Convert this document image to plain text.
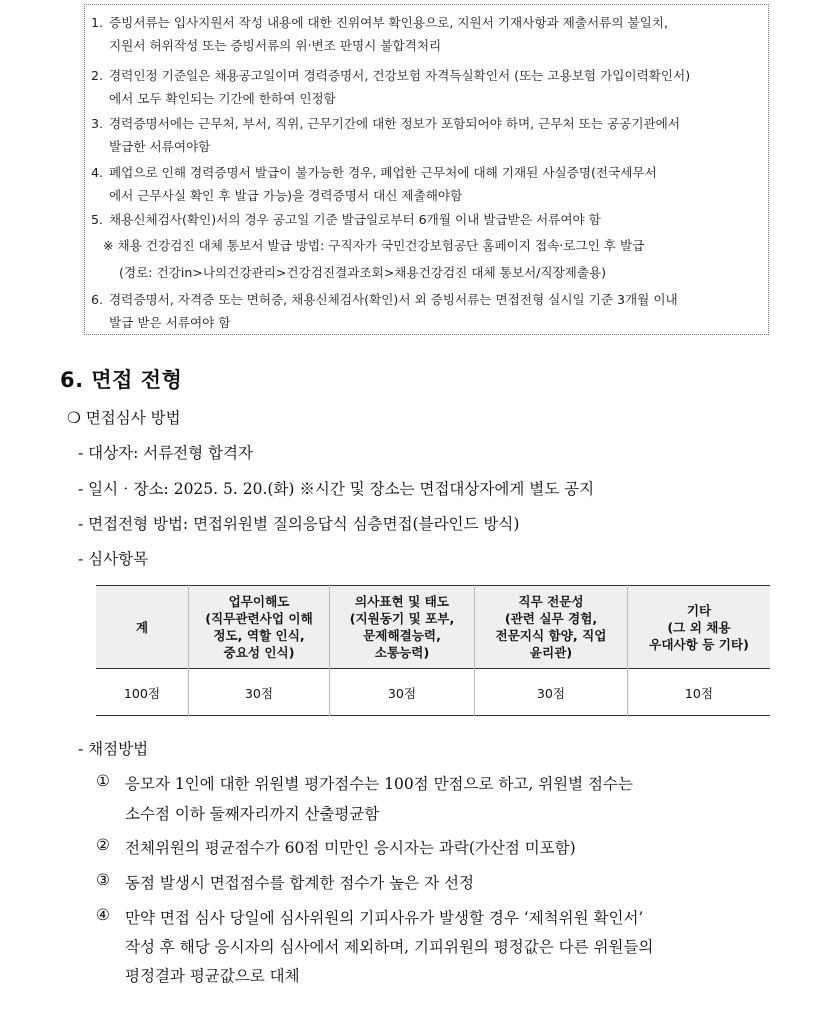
1. 증빙서류는 입사지원서 작성 내용에 대한 진위여부 확인용으로, 지원서 기재사항과 제출서류의 불일치,
지원서 허위작성 또는 증빙서류의 위‧변조 판명시 불합격처리
2. 경력인정 기준일은 채용공고일이며 경력증명서, 건강보험 자격득실확인서 (또는 고용보험 가입이력확인서)
에서 모두 확인되는 기간에 한하여 인정함
3. 경력증명서에는 근무처, 부서, 직위, 근무기간에 대한 정보가 포함되어야 하며, 근무처 또는 공공기관에서
발급한 서류여야함
4. 폐업으로 인해 경력증명서 발급이 불가능한 경우, 폐업한 근무처에 대해 기재된 사실증명(전국세무서
에서 근무사실 확인 후 발급 가능)을 경력증명서 대신 제출해야함
5. 채용신체검사(확인)서의 경우 공고일 기준 발급일로부터 6개월 이내 발급받은 서류여야 함
※ 채용 건강검진 대체 통보서 발급 방법: 구직자가 국민건강보험공단 홈페이지 접속‧로그인 후 발급
(경로: 건강in>나의건강관리>건강검진결과조회>채용건강검진 대체 통보서/직장제출용)
6. 경력증명서, 자격증 또는 면허증, 채용신체검사(확인)서 외 증빙서류는 면접전형 실시일 기준 3개월 이내
발급 받은 서류여야 함
6. 면접 전형
❍ 면접심사 방법
- 대상자: 서류전형 합격자
- 일시‧장소: 2025. 5. 20.(화) ※시간 및 장소는 면접대상자에게 별도 공지
- 면접전형 방법: 면접위원별 질의응답식 심층면접(블라인드 방식)
- 심사항목
계	업무이해도
(직무관련사업 이해
정도, 역할 인식,
중요성 인식)	의사표현 및 태도
(지원동기 및 포부,
문제해결능력,
소통능력)	직무 전문성
(관련 실무 경험,
전문지식 함양, 직업
윤리관)	기타
(그 외 채용
우대사항 등 기타)
100점	30점	30점	30점	10점
- 채점방법
① 응모자 1인에 대한 위원별 평가점수는 100점 만점으로 하고, 위원별 점수는
소수점 이하 둘째자리까지 산출평균함
② 전체위원의 평균점수가 60점 미만인 응시자는 과락(가산점 미포함)
③ 동점 발생시 면접점수를 합계한 점수가 높은 자 선정
④ 만약 면접 심사 당일에 심사위원의 기피사유가 발생할 경우 ‘제척위원 확인서’
작성 후 해당 응시자의 심사에서 제외하며, 기피위원의 평정값은 다른 위원들의
평정결과 평균값으로 대체
